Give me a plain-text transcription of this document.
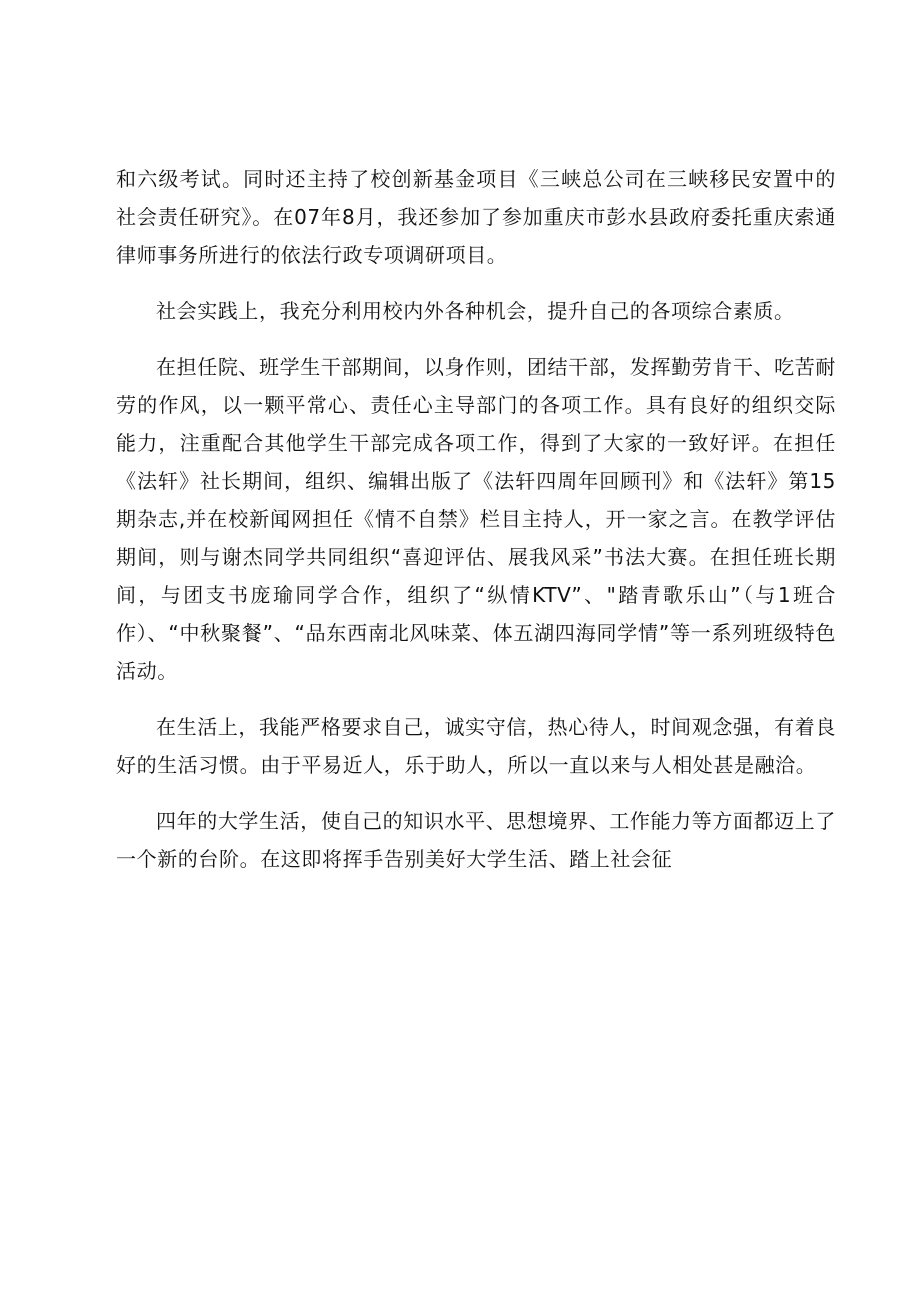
和六级考试。同时还主持了校创新基金项目《三峡总公司在三峡移民安置中的社会责任研究》。在07年8月，我还参加了参加重庆市彭水县政府委托重庆索通律师事务所进行的依法行政专项调研项目。

社会实践上，我充分利用校内外各种机会，提升自己的各项综合素质。

在担任院、班学生干部期间，以身作则，团结干部，发挥勤劳肯干、吃苦耐劳的作风，以一颗平常心、责任心主导部门的各项工作。具有良好的组织交际能力，注重配合其他学生干部完成各项工作，得到了大家的一致好评。在担任《法轩》社长期间，组织、编辑出版了《法轩四周年回顾刊》和《法轩》第15期杂志,并在校新闻网担任《情不自禁》栏目主持人，开一家之言。在教学评估期间，则与谢杰同学共同组织“喜迎评估、展我风采”书法大赛。在担任班长期间，与团支书庞瑜同学合作，组织了“纵情KTV”、"踏青歌乐山”（与1班合作）、“中秋聚餐”、“品东西南北风味菜、体五湖四海同学情”等一系列班级特色活动。

在生活上，我能严格要求自己，诚实守信，热心待人，时间观念强，有着良好的生活习惯。由于平易近人，乐于助人，所以一直以来与人相处甚是融洽。

四年的大学生活，使自己的知识水平、思想境界、工作能力等方面都迈上了一个新的台阶。在这即将挥手告别美好大学生活、踏上社会征
